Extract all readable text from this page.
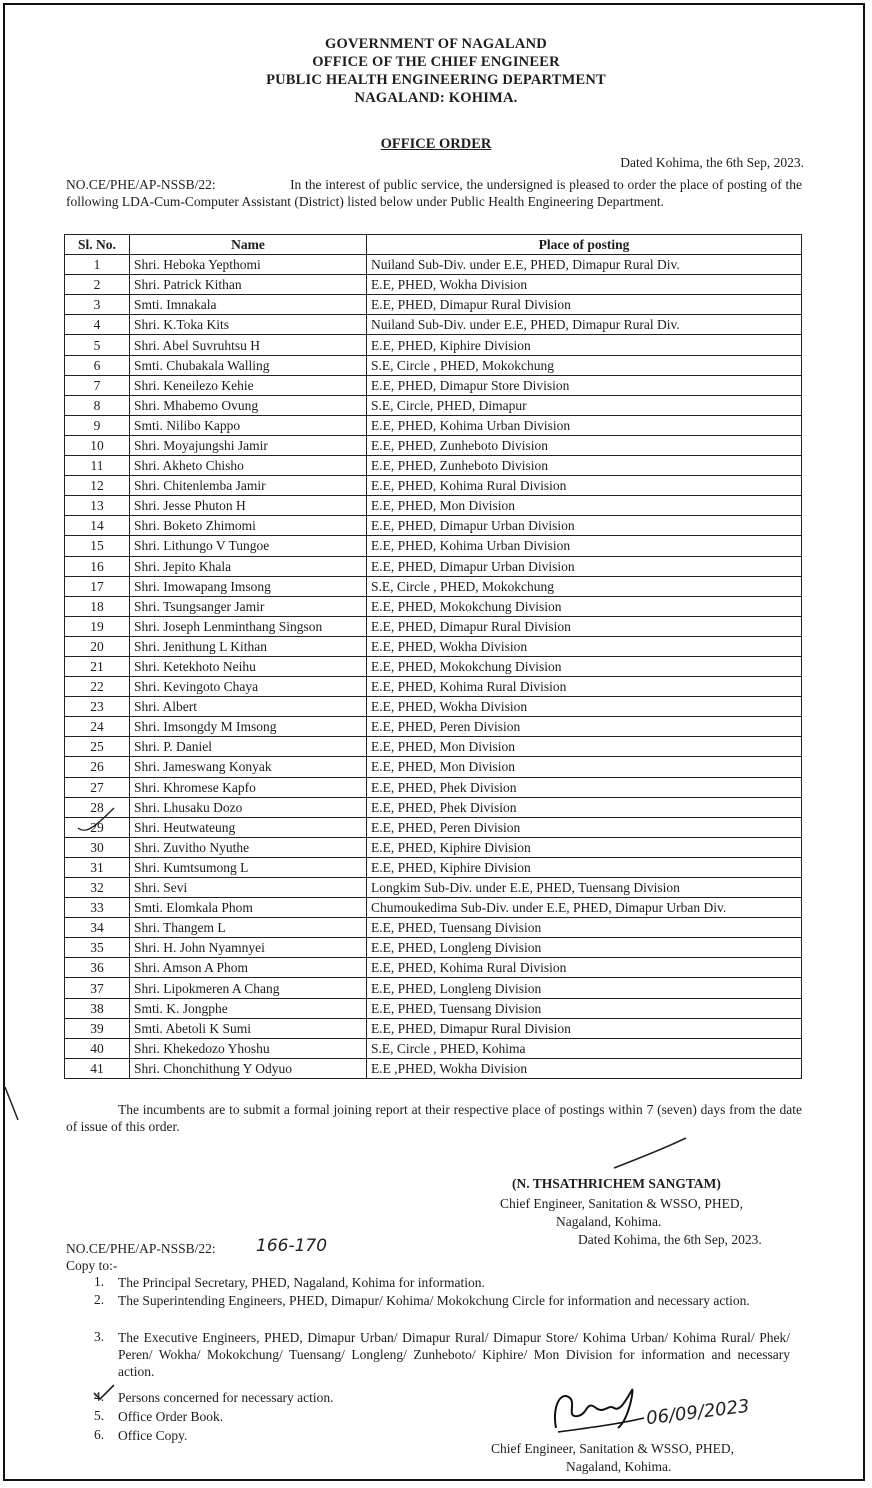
GOVERNMENT OF NAGALAND
OFFICE OF THE CHIEF ENGINEER
PUBLIC HEALTH ENGINEERING DEPARTMENT
NAGALAND: KOHIMA.
OFFICE ORDER
Dated Kohima, the 6th Sep, 2023.
NO.CE/PHE/AP-NSSB/22:	In the interest of public service, the undersigned is pleased to order the place of posting of the following LDA-Cum-Computer Assistant (District) listed below under Public Health Engineering Department.
Sl. No.	Name	Place of posting
1	Shri. Heboka Yepthomi	Nuiland Sub-Div. under E.E, PHED, Dimapur Rural Div.
2	Shri. Patrick Kithan	E.E, PHED, Wokha Division
3	Smti. Imnakala	E.E, PHED, Dimapur Rural Division
4	Shri. K.Toka Kits	Nuiland Sub-Div. under E.E, PHED, Dimapur Rural Div.
5	Shri. Abel Suvruhtsu H	E.E, PHED, Kiphire Division
6	Smti. Chubakala Walling	S.E, Circle , PHED, Mokokchung
7	Shri. Keneilezo Kehie	E.E, PHED, Dimapur Store Division
8	Shri. Mhabemo Ovung	S.E, Circle, PHED, Dimapur
9	Smti. Nilibo Kappo	E.E, PHED, Kohima Urban Division
10	Shri. Moyajungshi Jamir	E.E, PHED, Zunheboto Division
11	Shri. Akheto Chisho	E.E, PHED, Zunheboto Division
12	Shri. Chitenlemba Jamir	E.E, PHED, Kohima Rural Division
13	Shri. Jesse Phuton H	E.E, PHED, Mon Division
14	Shri. Boketo Zhimomi	E.E, PHED, Dimapur Urban Division
15	Shri. Lithungo V Tungoe	E.E, PHED, Kohima Urban Division
16	Shri. Jepito Khala	E.E, PHED, Dimapur Urban Division
17	Shri. Imowapang Imsong	S.E, Circle , PHED, Mokokchung
18	Shri. Tsungsanger Jamir	E.E, PHED, Mokokchung Division
19	Shri. Joseph Lenminthang Singson	E.E, PHED, Dimapur Rural Division
20	Shri. Jenithung L Kithan	E.E, PHED, Wokha Division
21	Shri. Ketekhoto Neihu	E.E, PHED, Mokokchung Division
22	Shri. Kevingoto Chaya	E.E, PHED, Kohima Rural Division
23	Shri. Albert	E.E, PHED, Wokha Division
24	Shri. Imsongdy M Imsong	E.E, PHED, Peren Division
25	Shri. P. Daniel	E.E, PHED, Mon Division
26	Shri. Jameswang Konyak	E.E, PHED, Mon Division
27	Shri. Khromese Kapfo	E.E, PHED, Phek Division
28	Shri. Lhusaku Dozo	E.E, PHED, Phek Division
29	Shri. Heutwateung	E.E, PHED, Peren Division
30	Shri. Zuvitho Nyuthe	E.E, PHED, Kiphire Division
31	Shri. Kumtsumong L	E.E, PHED, Kiphire Division
32	Shri. Sevi	Longkim Sub-Div. under E.E, PHED, Tuensang Division
33	Smti. Elomkala Phom	Chumoukedima Sub-Div. under E.E, PHED, Dimapur Urban Div.
34	Shri. Thangem L	E.E, PHED, Tuensang Division
35	Shri. H. John Nyamnyei	E.E, PHED, Longleng Division
36	Shri. Amson A Phom	E.E, PHED, Kohima Rural Division
37	Shri. Lipokmeren A Chang	E.E, PHED, Longleng Division
38	Smti. K. Jongphe	E.E, PHED, Tuensang Division
39	Smti. Abetoli K Sumi	E.E, PHED, Dimapur Rural Division
40	Shri. Khekedozo Yhoshu	S.E, Circle , PHED, Kohima
41	Shri. Chonchithung Y Odyuo	E.E ,PHED, Wokha Division
The incumbents are to submit a formal joining report at their respective place of postings within 7 (seven) days from the date of issue of this order.
(N. THSATHRICHEM SANGTAM)
Chief Engineer, Sanitation & WSSO, PHED,
Nagaland, Kohima.
Dated Kohima, the 6th Sep, 2023.
NO.CE/PHE/AP-NSSB/22: 166-170
Copy to:-
1. The Principal Secretary, PHED, Nagaland, Kohima for information.
2. The Superintending Engineers, PHED, Dimapur/ Kohima/ Mokokchung Circle for information and necessary action.
3. The Executive Engineers, PHED, Dimapur Urban/ Dimapur Rural/ Dimapur Store/ Kohima Urban/ Kohima Rural/ Phek/ Peren/ Wokha/ Mokokchung/ Tuensang/ Longleng/ Zunheboto/ Kiphire/ Mon Division for information and necessary action.
4. Persons concerned for necessary action.
5. Office Order Book.
6. Office Copy.
06/09/2023
Chief Engineer, Sanitation & WSSO, PHED,
Nagaland, Kohima.
